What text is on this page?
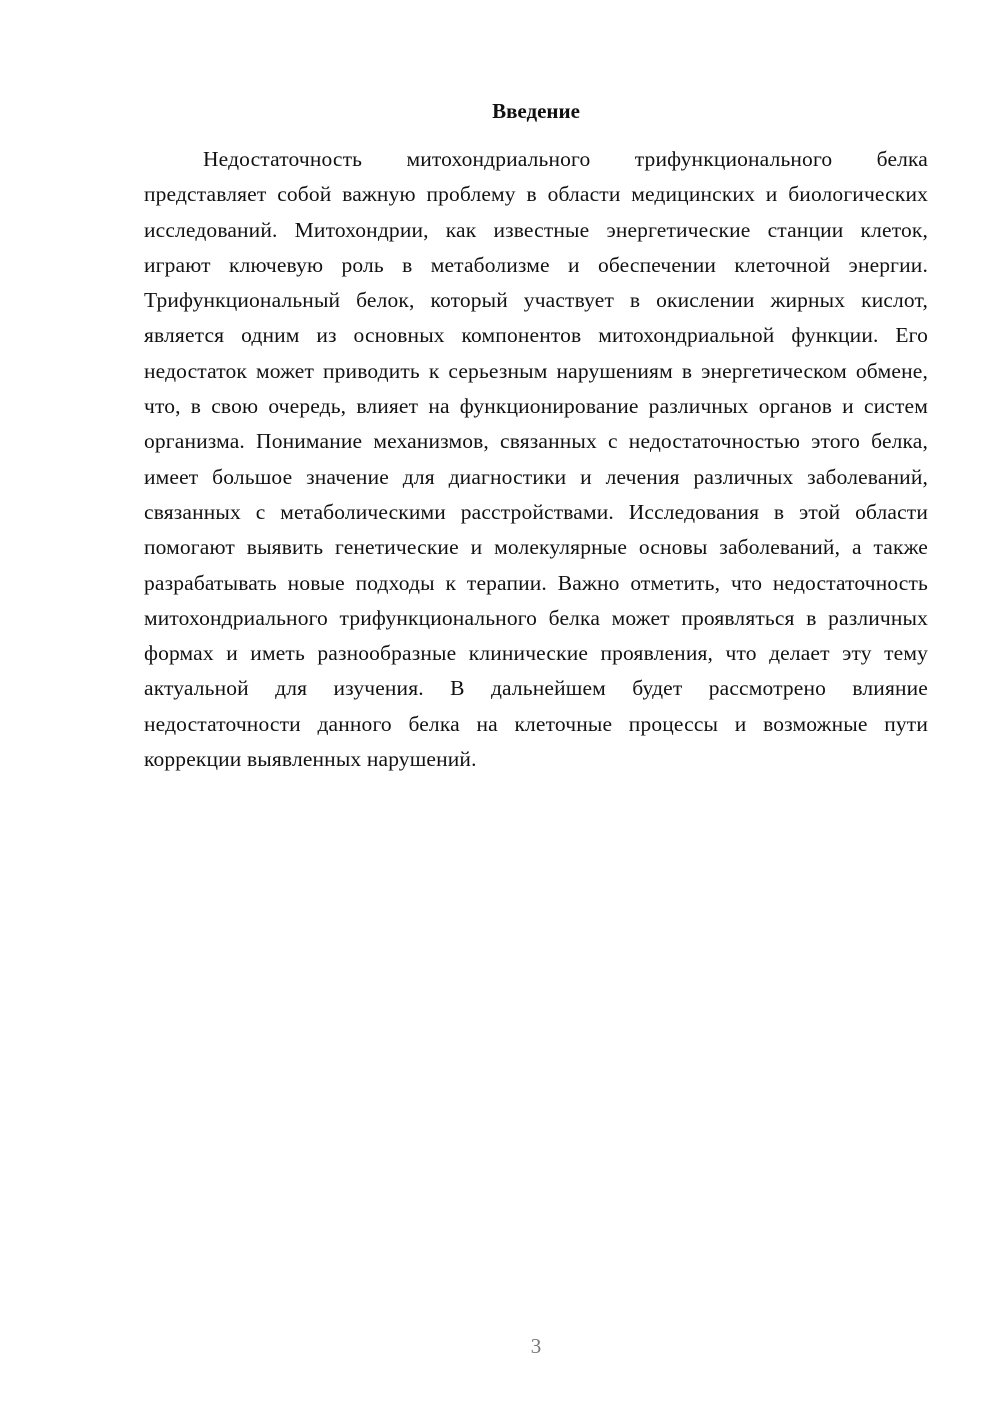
Введение

Недостаточность митохондриального трифункционального белка представляет собой важную проблему в области медицинских и биологических исследований. Митохондрии, как известные энергетические станции клеток, играют ключевую роль в метаболизме и обеспечении клеточной энергии. Трифункциональный белок, который участвует в окислении жирных кислот, является одним из основных компонентов митохондриальной функции. Его недостаток может приводить к серьезным нарушениям в энергетическом обмене, что, в свою очередь, влияет на функционирование различных органов и систем организма. Понимание механизмов, связанных с недостаточностью этого белка, имеет большое значение для диагностики и лечения различных заболеваний, связанных с метаболическими расстройствами. Исследования в этой области помогают выявить генетические и молекулярные основы заболеваний, а также разрабатывать новые подходы к терапии. Важно отметить, что недостаточность митохондриального трифункционального белка может проявляться в различных формах и иметь разнообразные клинические проявления, что делает эту тему актуальной для изучения. В дальнейшем будет рассмотрено влияние недостаточности данного белка на клеточные процессы и возможные пути коррекции выявленных нарушений.

3
